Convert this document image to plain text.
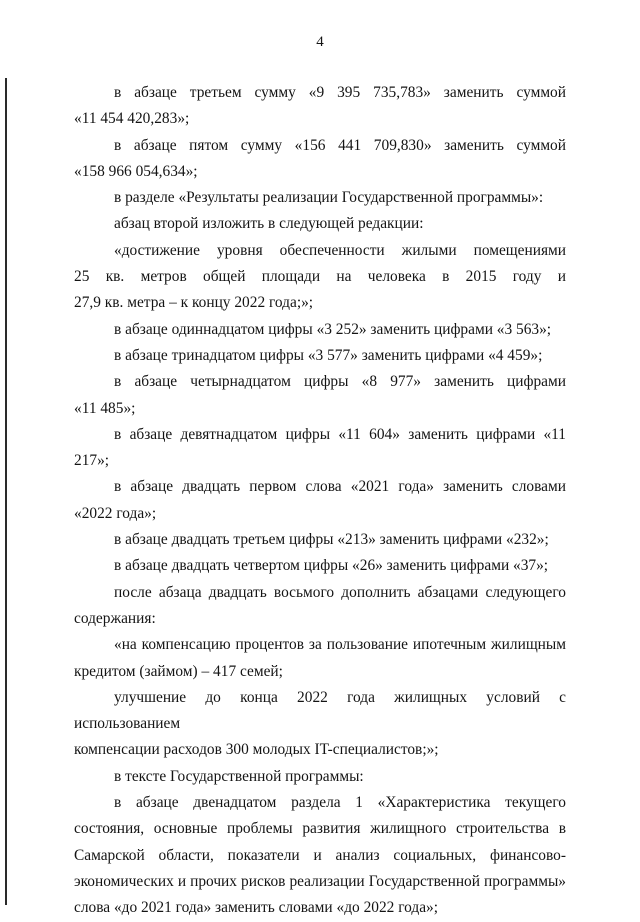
4
в абзаце третьем сумму «9 395 735,783» заменить суммой
«11 454 420,283»;
в абзаце пятом сумму «156 441 709,830» заменить суммой
«158 966 054,634»;
в разделе «Результаты реализации Государственной программы»:
абзац второй изложить в следующей редакции:
«достижение уровня обеспеченности жилыми помещениями
25 кв. метров общей площади на человека в 2015 году и
27,9 кв. метра – к концу 2022 года;»;
в абзаце одиннадцатом цифры «3 252» заменить цифрами «3 563»;
в абзаце тринадцатом цифры «3 577» заменить цифрами «4 459»;
в абзаце четырнадцатом цифры «8 977» заменить цифрами
«11 485»;
в абзаце девятнадцатом цифры «11 604» заменить цифрами «11 217»;
в абзаце двадцать первом слова «2021 года» заменить словами
«2022 года»;
в абзаце двадцать третьем цифры «213» заменить цифрами «232»;
в абзаце двадцать четвертом цифры «26» заменить цифрами «37»;
после абзаца двадцать восьмого дополнить абзацами следующего
содержания:
«на компенсацию процентов за пользование ипотечным жилищным
кредитом (займом) – 417 семей;
улучшение до конца 2022 года жилищных условий с использованием
компенсации расходов 300 молодых IT-специалистов;»;
в тексте Государственной программы:
в абзаце двенадцатом раздела 1 «Характеристика текущего
состояния, основные проблемы развития жилищного строительства в
Самарской области, показатели и анализ социальных, финансово-
экономических и прочих рисков реализации Государственной программы»
слова «до 2021 года» заменить словами «до 2022 года»;
